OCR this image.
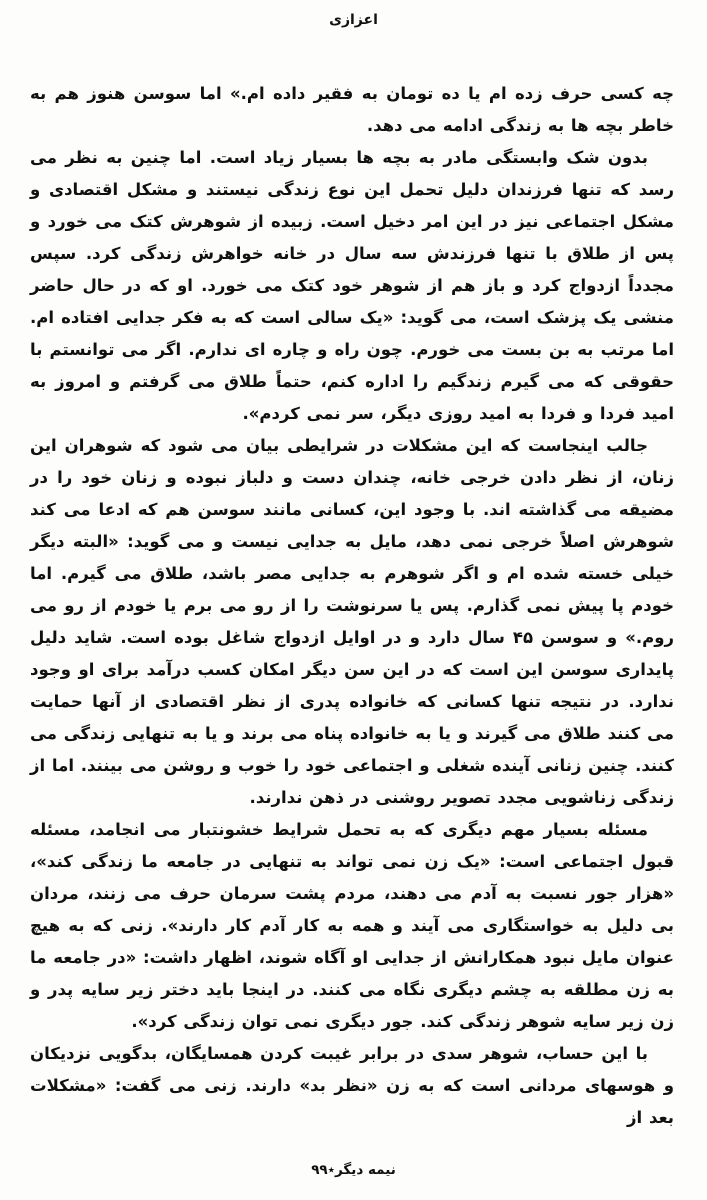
اعزازی

چه کسی حرف زده ام یا ده تومان به فقیر داده ام.» اما سوسن هنوز هم به خاطر بچه ها به زندگی ادامه می دهد.

بدون شک وابستگی مادر به بچه ها بسیار زیاد است. اما چنین به نظر می رسد که تنها فرزندان دلیل تحمل این نوع زندگی نیستند و مشکل اقتصادی و مشکل اجتماعی نیز در این امر دخیل است. زبیده از شوهرش کتک می خورد و پس از طلاق با تنها فرزندش سه سال در خانه خواهرش زندگی کرد. سپس مجدداً ازدواج کرد و باز هم از شوهر خود کتک می خورد. او که در حال حاضر منشی یک پزشک است، می گوید: «یک سالی است که به فکر جدایی افتاده ام. اما مرتب به بن بست می خورم. چون راه و چاره ای ندارم. اگر می توانستم با حقوقی که می گیرم زندگیم را اداره کنم، حتماً طلاق می گرفتم و امروز به امید فردا و فردا به امید روزی دیگر، سر نمی کردم».

جالب اینجاست که این مشکلات در شرایطی بیان می شود که شوهران این زنان، از نظر دادن خرجی خانه، چندان دست و دلباز نبوده و زنان خود را در مضیقه می گذاشته اند. با وجود این، کسانی مانند سوسن هم که ادعا می کند شوهرش اصلاً خرجی نمی دهد، مایل به جدایی نیست و می گوید: «البته دیگر خیلی خسته شده ام و اگر شوهرم به جدایی مصر باشد، طلاق می گیرم. اما خودم پا پیش نمی گذارم. پس یا سرنوشت را از رو می برم یا خودم از رو می روم.» و سوسن ۴۵ سال دارد و در اوایل ازدواج شاغل بوده است. شاید دلیل پایداری سوسن این است که در این سن دیگر امکان کسب درآمد برای او وجود ندارد. در نتیجه تنها کسانی که خانواده پدری از نظر اقتصادی از آنها حمایت می کنند طلاق می گیرند و یا به خانواده پناه می برند و یا به تنهایی زندگی می کنند. چنین زنانی آینده شغلی و اجتماعی خود را خوب و روشن می بینند. اما از زندگی زناشویی مجدد تصویر روشنی در ذهن ندارند.

مسئله بسیار مهم دیگری که به تحمل شرایط خشونتبار می انجامد، مسئله قبول اجتماعی است: «یک زن نمی تواند به تنهایی در جامعه ما زندگی کند»، «هزار جور نسبت به آدم می دهند، مردم پشت سرمان حرف می زنند، مردان بی دلیل به خواستگاری می آیند و همه به کار آدم کار دارند». زنی که به هیچ عنوان مایل نبود همکارانش از جدایی او آگاه شوند، اظهار داشت: «در جامعه ما به زن مطلقه به چشم دیگری نگاه می کنند. در اینجا باید دختر زیر سایه پدر و زن زیر سایه شوهر زندگی کند. جور دیگری نمی توان زندگی کرد».

با این حساب، شوهر سدی در برابر غیبت کردن همسایگان، بدگویی نزدیکان و هوسهای مردانی است که به زن «نظر بد» دارند. زنی می گفت: «مشکلات بعد از

نیمه دیگر٭۹۹
